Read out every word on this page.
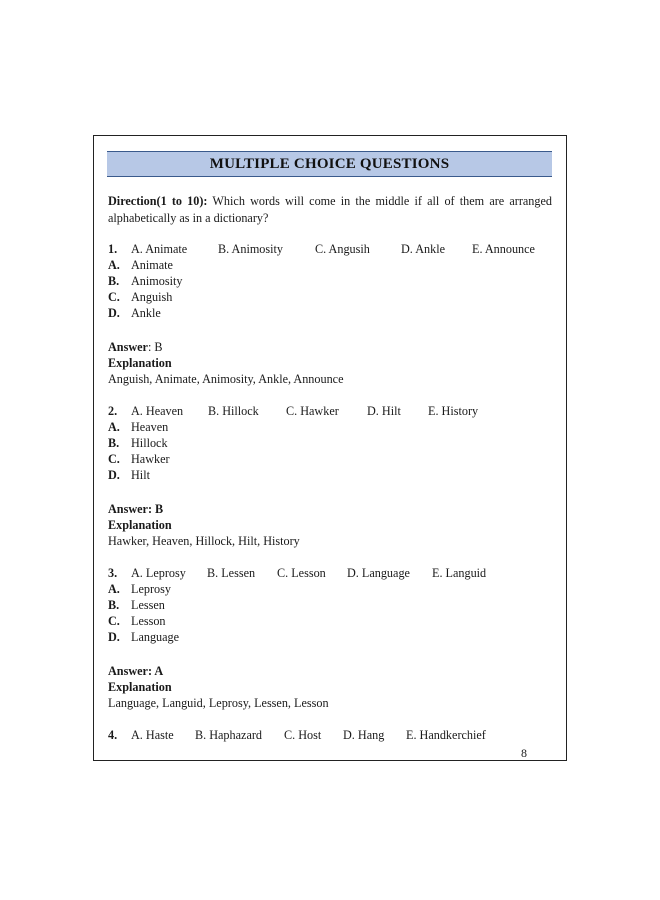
MULTIPLE CHOICE QUESTIONS
Direction(1 to 10): Which words will come in the middle if all of them are arranged alphabetically as in a dictionary?
1. A. Animate	B. Animosity	C. Angusih	D. Ankle E. Announce
A. Animate
B. Animosity
C. Anguish
D. Ankle
Answer: B
Explanation
Anguish, Animate, Animosity, Ankle, Announce
2. A. Heaven B. Hillock C. Hawker D. Hilt E. History
A. Heaven
B. Hillock
C. Hawker
D. Hilt
Answer: B
Explanation
Hawker, Heaven, Hillock, Hilt, History
3. A. Leprosy B. Lessen C. Lesson D. Language E. Languid
A. Leprosy
B. Lessen
C. Lesson
D. Language
Answer: A
Explanation
Language, Languid, Leprosy, Lessen, Lesson
4. A. Haste B. Haphazard C. Host D. Hang E. Handkerchief
8
